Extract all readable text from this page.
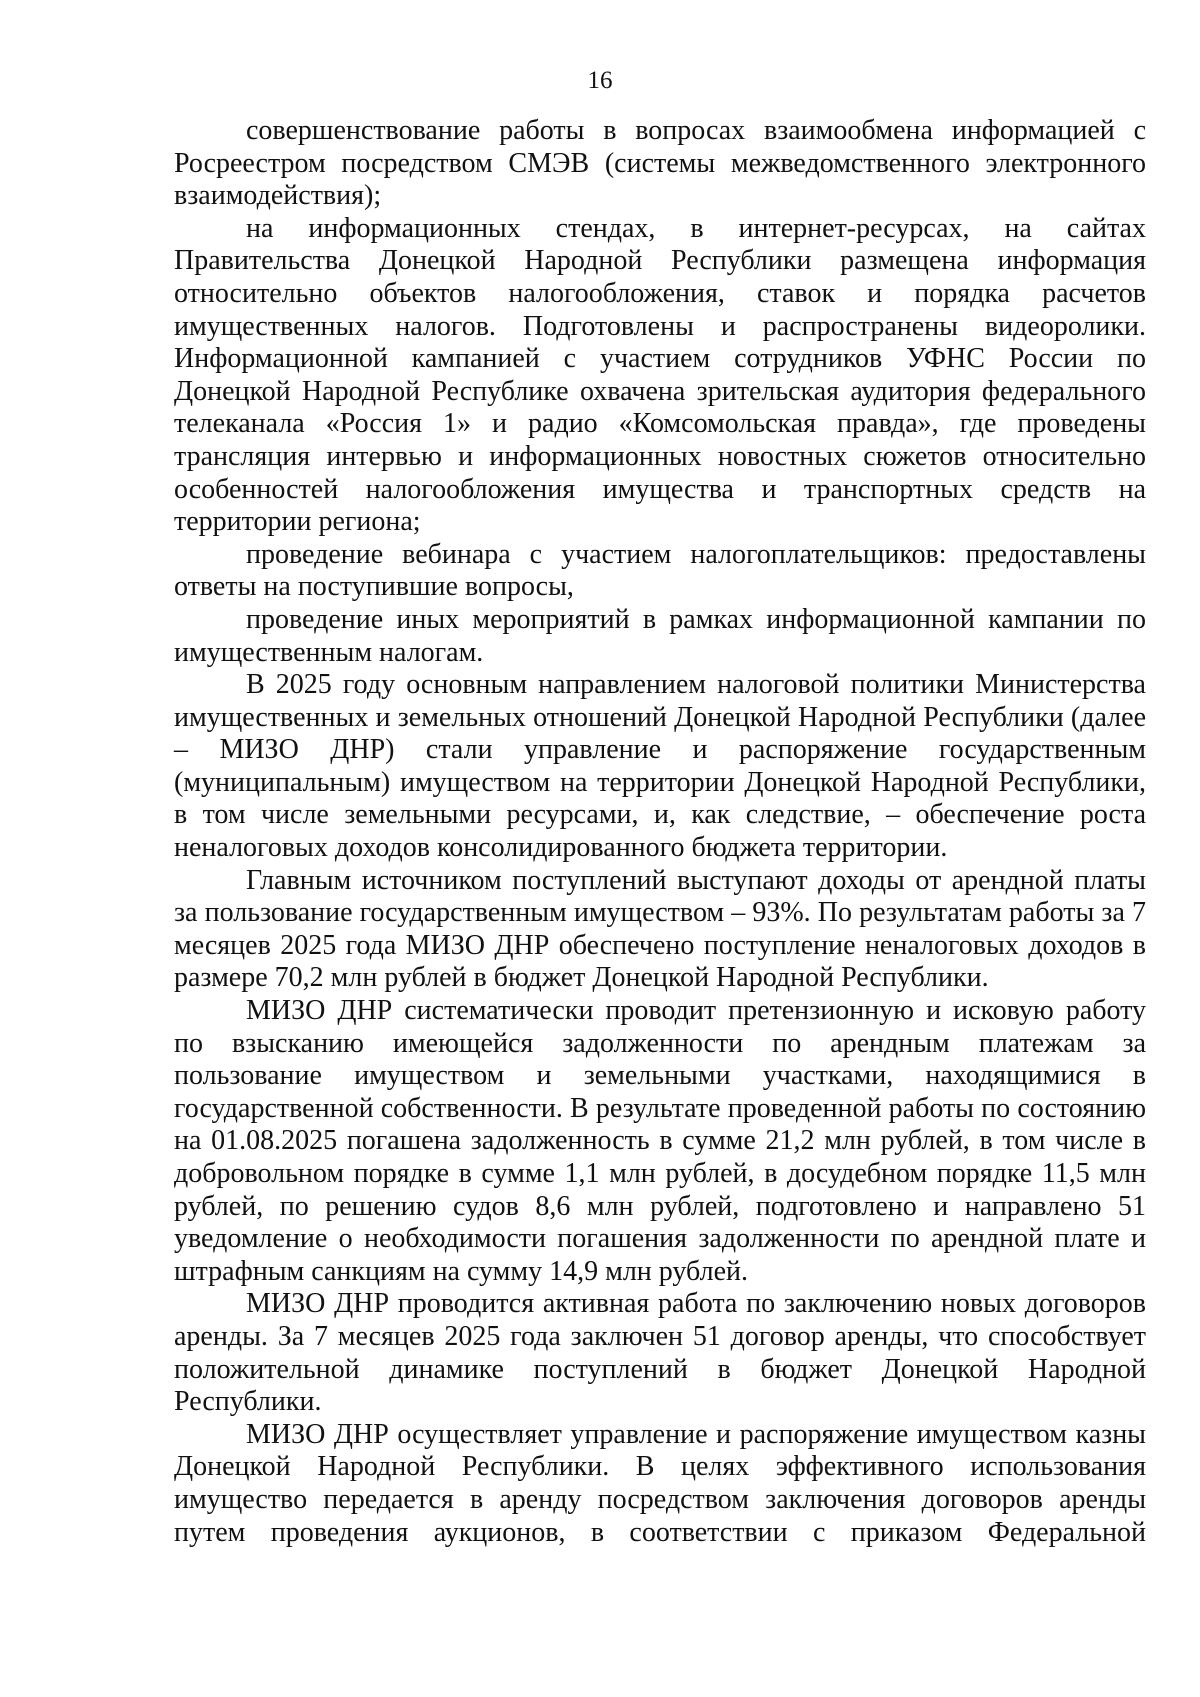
16

совершенствование работы в вопросах взаимообмена информацией с Росреестром посредством СМЭВ (системы межведомственного электронного взаимодействия);

на информационных стендах, в интернет-ресурсах, на сайтах Правительства Донецкой Народной Республики размещена информация относительно объектов налогообложения, ставок и порядка расчетов имущественных налогов. Подготовлены и распространены видеоролики. Информационной кампанией с участием сотрудников УФНС России по Донецкой Народной Республике охвачена зрительская аудитория федерального телеканала «Россия 1» и радио «Комсомольская правда», где проведены трансляция интервью и информационных новостных сюжетов относительно особенностей налогообложения имущества и транспортных средств на территории региона;

проведение вебинара с участием налогоплательщиков: предоставлены ответы на поступившие вопросы,

проведение иных мероприятий в рамках информационной кампании по имущественным налогам.

В 2025 году основным направлением налоговой политики Министерства имущественных и земельных отношений Донецкой Народной Республики (далее – МИЗО ДНР) стали управление и распоряжение государственным (муниципальным) имуществом на территории Донецкой Народной Республики, в том числе земельными ресурсами, и, как следствие, – обеспечение роста неналоговых доходов консолидированного бюджета территории.

Главным источником поступлений выступают доходы от арендной платы за пользование государственным имуществом – 93%. По результатам работы за 7 месяцев 2025 года МИЗО ДНР обеспечено поступление неналоговых доходов в размере 70,2 млн рублей в бюджет Донецкой Народной Республики.

МИЗО ДНР систематически проводит претензионную и исковую работу по взысканию имеющейся задолженности по арендным платежам за пользование имуществом и земельными участками, находящимися в государственной собственности. В результате проведенной работы по состоянию на 01.08.2025 погашена задолженность в сумме 21,2 млн рублей, в том числе в добровольном порядке в сумме 1,1 млн рублей, в досудебном порядке 11,5 млн рублей, по решению судов 8,6 млн рублей, подготовлено и направлено 51 уведомление о необходимости погашения задолженности по арендной плате и штрафным санкциям на сумму 14,9 млн рублей.

МИЗО ДНР проводится активная работа по заключению новых договоров аренды. За 7 месяцев 2025 года заключен 51 договор аренды, что способствует положительной динамике поступлений в бюджет Донецкой Народной Республики.

МИЗО ДНР осуществляет управление и распоряжение имуществом казны Донецкой Народной Республики. В целях эффективного использования имущество передается в аренду посредством заключения договоров аренды путем проведения аукционов, в соответствии с приказом Федеральной
